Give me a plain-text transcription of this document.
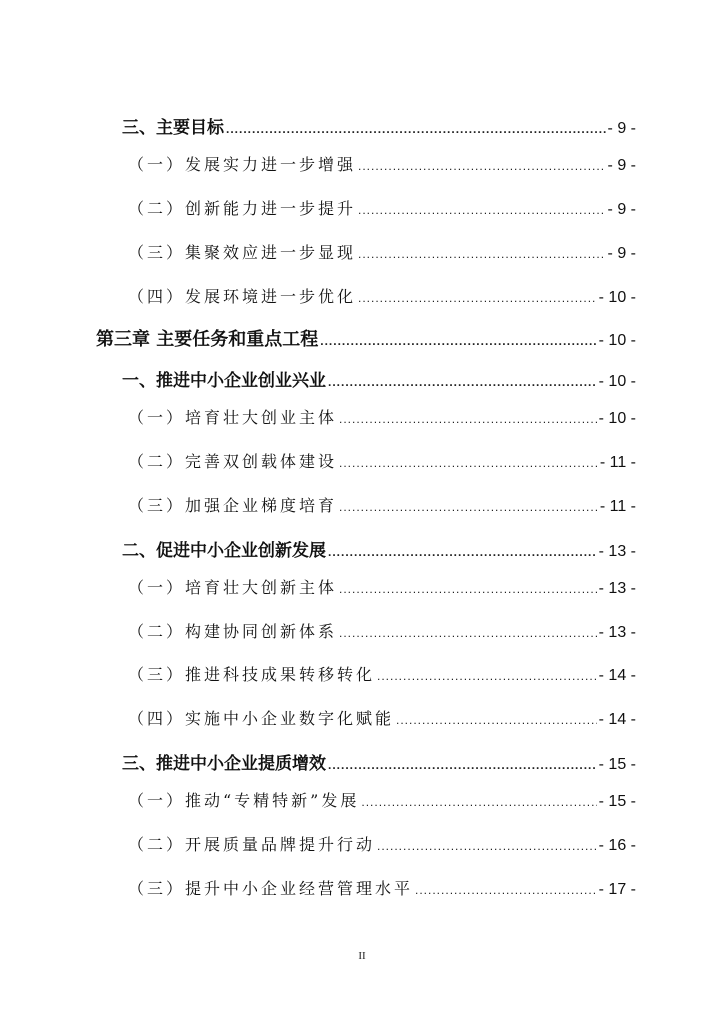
三、主要目标 .....	- 9 -
（一）发展实力进一步增强 .....	- 9 -
（二）创新能力进一步提升 .....	- 9 -
（三）集聚效应进一步显现 .....	- 9 -
（四）发展环境进一步优化 .....	- 10 -
第三章 主要任务和重点工程 .....	- 10 -
一、推进中小企业创业兴业 .....	- 10 -
（一）培育壮大创业主体 .....	- 10 -
（二）完善双创载体建设 .....	- 11 -
（三）加强企业梯度培育 .....	- 11 -
二、促进中小企业创新发展 .....	- 13 -
（一）培育壮大创新主体 .....	- 13 -
（二）构建协同创新体系 .....	- 13 -
（三）推进科技成果转移转化 .....	- 14 -
（四）实施中小企业数字化赋能 .....	- 14 -
三、推进中小企业提质增效 .....	- 15 -
（一）推动“专精特新”发展 .....	- 15 -
（二）开展质量品牌提升行动 .....	- 16 -
（三）提升中小企业经营管理水平 .....	- 17 -
II
